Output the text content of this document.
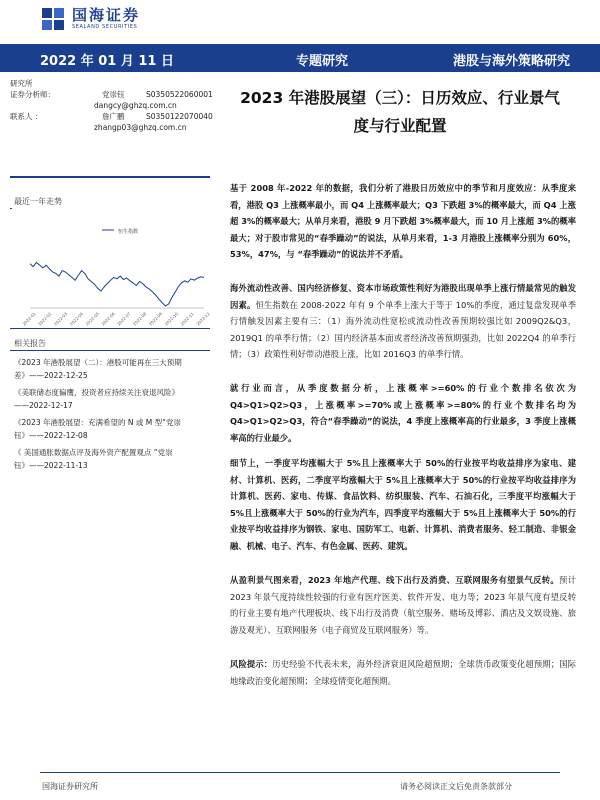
国海证券
SEALAND SECURITIES
2022 年 01 月 11 日	专题研究	港股与海外策略研究
研究所
证券分析师：	党崇钰	S0350522060001
dangcy@ghzq.com.cn
联系人 ：	詹广鹏	S0350122070040
zhangp03@ghzq.com.cn
2023 年港股展望（三）：日历效应、行业景气
度与行业配置
最近一年走势
2022-01 2022-02 2022-03 2022-04 2022-05 2022-06 2022-07 2022-08 2022-09 2022-10 2022-11 2022-12
恒生指数
相关报告
《2023 年港股展望（二）：港股可能再在三大预期
差》——2022-12-25
《美联储态度偏鹰，投资者应持续关注衰退风险》
——2022-12-17
《2023 年港股展望：充满希望的 N 或 M 型“党崇
钰》——2022-12-08
《 美国通胀数据点评及海外资产配置观点 “党崇
钰》——2022-11-13

基于 2008 年-2022 年的数据，我们分析了港股日历效应中的季节和月度效应：从季度来看，港股 Q3 上涨概率最小，而 Q4 上涨概率最大；Q3 下跌超 3%的概率最大，而 Q4 上涨超 3%的概率最大；从单月来看，港股 9 月下跌超 3%概率最大，而 10 月上涨超 3%的概率最大；对于股市常见的“春季躁动”的说法，从单月来看，1-3 月港股上涨概率分别为 60%，53%，47%，与 “春季躁动”的说法并不矛盾。

海外流动性改善、国内经济修复、资本市场政策性利好为港股出现单季上涨行情最常见的触发因素。恒生指数在 2008-2022 年有 9 个单季上涨大于等于 10%的季度，通过复盘发现单季行情触发因素主要有三：（1）海外流动性宽松或流动性改善预期较强比如 2009Q2&Q3，2019Q1 的单季行情；（2）国内经济基本面或者经济改善预期强劲，比如 2022Q4 的单季行情；（3）政策性利好带动港股上涨，比如 2016Q3 的单季行情。

就行业而言，从季度数据分析，上涨概率>=60%的行业个数排名依次为 Q4>Q1>Q2>Q3，上涨概率>=70%或上涨概率>=80%的行业个数排名均为 Q4>Q1>Q2>Q3，符合“春季躁动”的说法，4 季度上涨概率高的行业最多，3 季度上涨概率高的行业最少。

细节上，一季度平均涨幅大于 5%且上涨概率大于 50%的行业按平均收益排序为家电、建材、计算机、医药，二季度平均涨幅大于 5%且上涨概率大于 50%的行业按平均收益排序为计算机、医药、家电、传媒、食品饮料、纺织服装、汽车、石油石化，三季度平均涨幅大于 5%且上涨概率大于 50%的行业为汽车，四季度平均涨幅大于 5%且上涨概率大于 50%的行业按平均收益排序为钢铁、家电、国防军工、电新、计算机、消费者服务、轻工制造、非银金融、机械、电子、汽车、有色金属、医药、建筑。

从盈利景气图来看，2023 年地产代理、线下出行及消费、互联网服务有望景气反转。预计 2023 年景气度持续性较强的行业有医疗医美、软件开发、电力等；2023 年景气度有望反转的行业主要有地产代理板块、线下出行及消费（航空服务、赌场及博彩、酒店及文娱设施、旅游及观光）、互联网服务（电子商贸及互联网服务）等。

风险提示：历史经验不代表未来，海外经济衰退风险超预期；全球货币政策变化超预期；国际地缘政治变化超预期；全球疫情变化超预期。

国海证券研究所	请务必阅读正文后免责条款部分
